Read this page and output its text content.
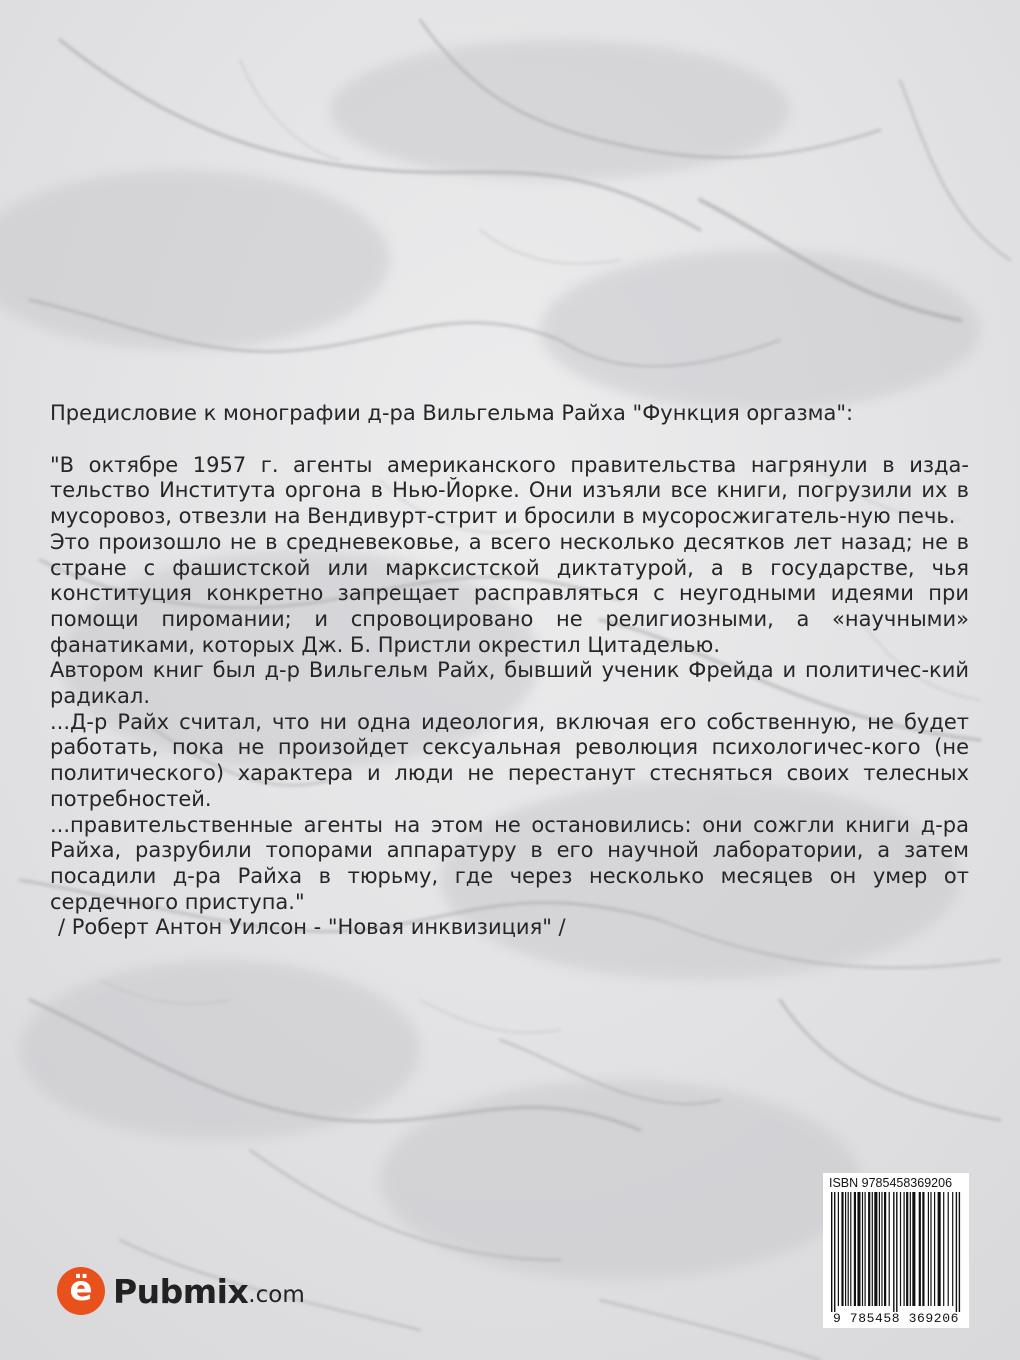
Предисловие к монографии д-ра Вильгельма Райха "Функция оргазма":

"В октябре 1957 г. агенты американского правительства нагрянули в изда-тельство Института оргона в Нью-Йорке. Они изъяли все книги, погрузили их в мусоровоз, отвезли на Вендивурт-стрит и бросили в мусоросжигатель-ную печь.

Это произошло не в средневековье, а всего несколько десятков лет назад; не в стране с фашистской или марксистской диктатурой, а в государстве, чья конституция конкретно запрещает расправляться с неугодными идеями при помощи пиромании; и спровоцировано не религиозными, а «научными» фанатиками, которых Дж. Б. Пристли окрестил Цитаделью.

Автором книг был д-р Вильгельм Райх, бывший ученик Фрейда и политичес-кий радикал.

...Д-р Райх считал, что ни одна идеология, включая его собственную, не будет работать, пока не произойдет сексуальная революция психологичес-кого (не политического) характера и люди не перестанут стесняться своих телесных потребностей.

...правительственные агенты на этом не остановились: они сожгли книги д-ра Райха, разрубили топорами аппаратуру в его научной лаборатории, а затем посадили д-ра Райха в тюрьму, где через несколько месяцев он умер от сердечного приступа."

/ Роберт Антон Уилсон - "Новая инквизиция" /

ё Pubmix .com
ISBN 9785458369206
9 785458 369206
